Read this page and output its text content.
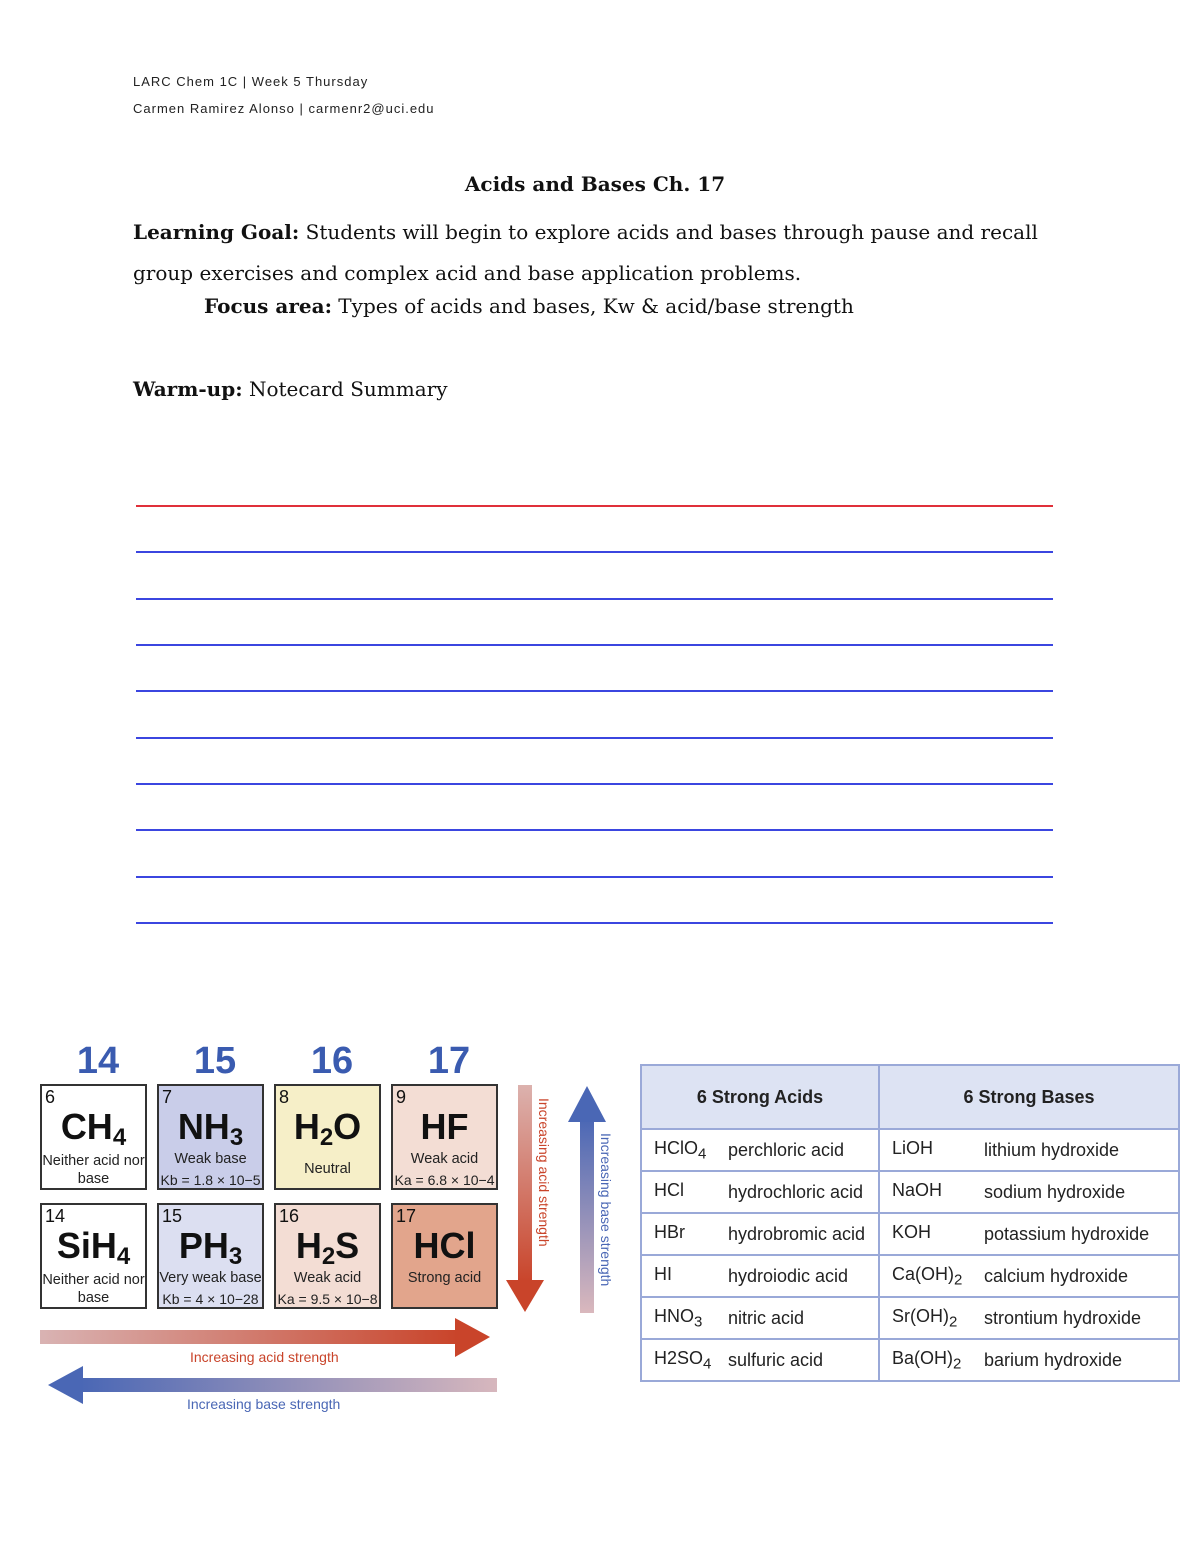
LARC Chem 1C | Week 5 Thursday
Carmen Ramirez Alonso | carmenr2@uci.edu
Acids and Bases Ch. 17
Learning Goal: Students will begin to explore acids and bases through pause and recall group exercises and complex acid and base application problems.
Focus area: Types of acids and bases, Kw & acid/base strength
Warm-up: Notecard Summary
14	15	16	17
6
$CH_4$
Neither acid nor base
7
$NH_3$
Weak base
Kb = 1.8 × 10−5
8
$H_2O$
Neutral
9
HF
Weak acid
Ka = 6.8 × 10−4
14
SiH$_4$
Neither acid nor base
15
$PH_3$
Very weak base
Kb = 4 × 10−28
16
$H_2S$
Weak acid
Ka = 9.5 × 10−8
17
HCl
Strong acid
Increasing acid strength
Increasing base strength
Increasing acid strength	Increasing base strength
6 Strong Acids		6 Strong Bases	
HClO$_4$	perchloric acid	LiOH	lithium hydroxide
HCl	hydrochloric acid	NaOH	sodium hydroxide
HBr	hydrobromic acid	KOH	potassium hydroxide
HI	hydroiodic acid	$Ca(OH)_2$	calcium hydroxide
$HNO_3$	nitric acid	$Sr(OH)_2$	strontium hydroxide
$H2SO_4$	sulfuric acid	$Ba(OH)_2$	barium hydroxide
